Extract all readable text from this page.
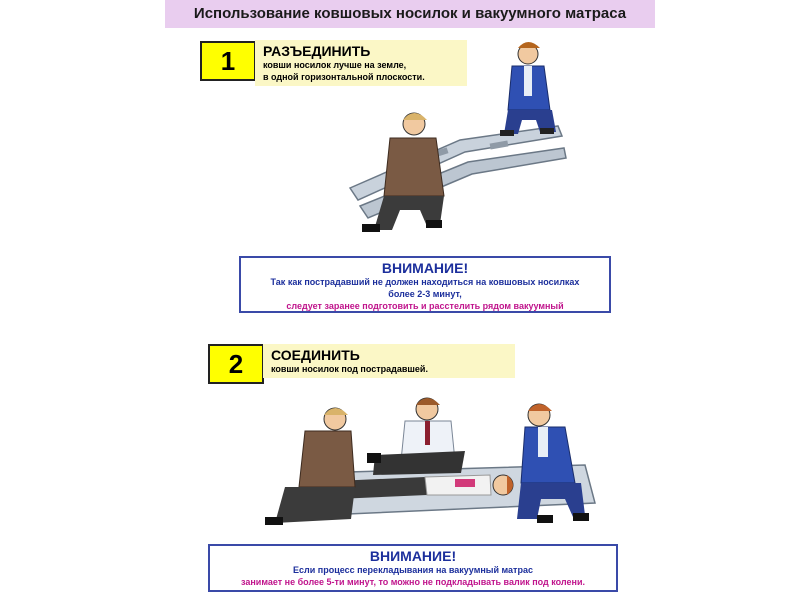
Использование ковшовых носилок и вакуумного матраса
1	РАЗЪЕДИНИТЬ
ковши носилок лучше на земле,
в одной горизонтальной плоскости.
ВНИМАНИЕ!
Так как пострадавший не должен находиться на ковшовых носилках
более 2-3 минут,
следует заранее подготовить и расстелить рядом вакуумный
2	СОЕДИНИТЬ
ковши носилок под пострадавшей.
ВНИМАНИЕ!
Если процесс перекладывания на вакуумный матрас
занимает не более 5-ти минут, то можно не подкладывать валик под колени.
